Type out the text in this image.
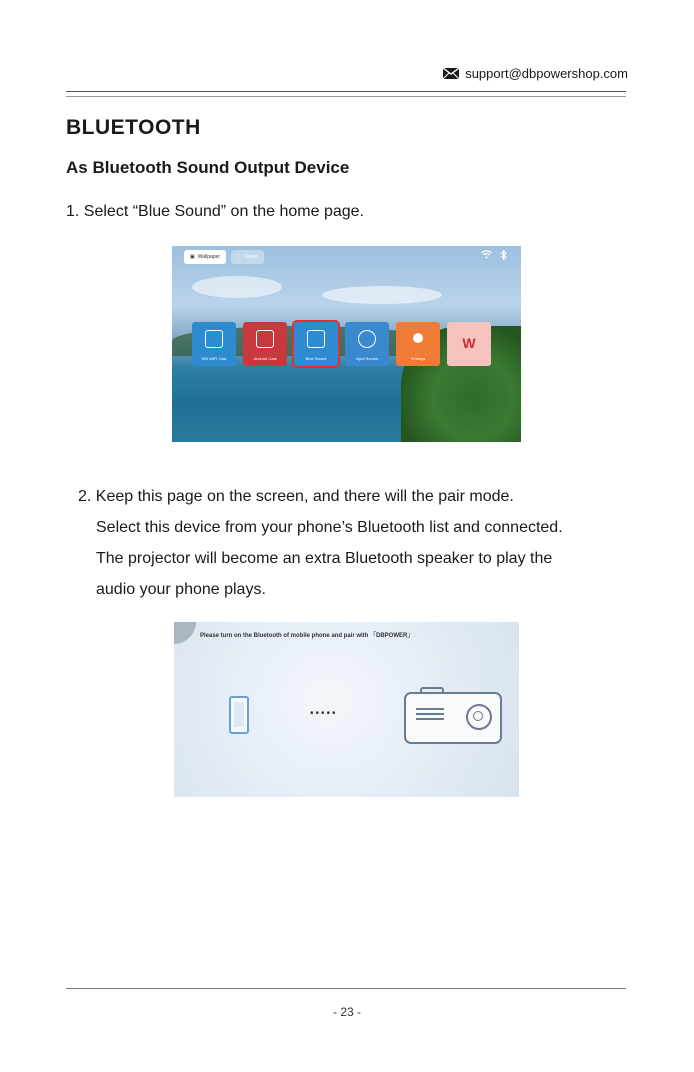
support@dbpowershop.com
BLUETOOTH
As Bluetooth Sound Output Device
1. Select “Blue Sound” on the home page.
▣ Wallpaper	⬚ Clean
Wifi WiFi Cast	Android Cast	Blue Sound	Input Source	Settings
W
2. Keep this page on the screen, and there will the pair mode.
Select this device from your phone’s Bluetooth list and connected.
The projector will become an extra Bluetooth speaker to play the
audio your phone plays.
Please turn on the Bluetooth of mobile phone and pair with 「DBPOWER」
•••••
- 23 -
